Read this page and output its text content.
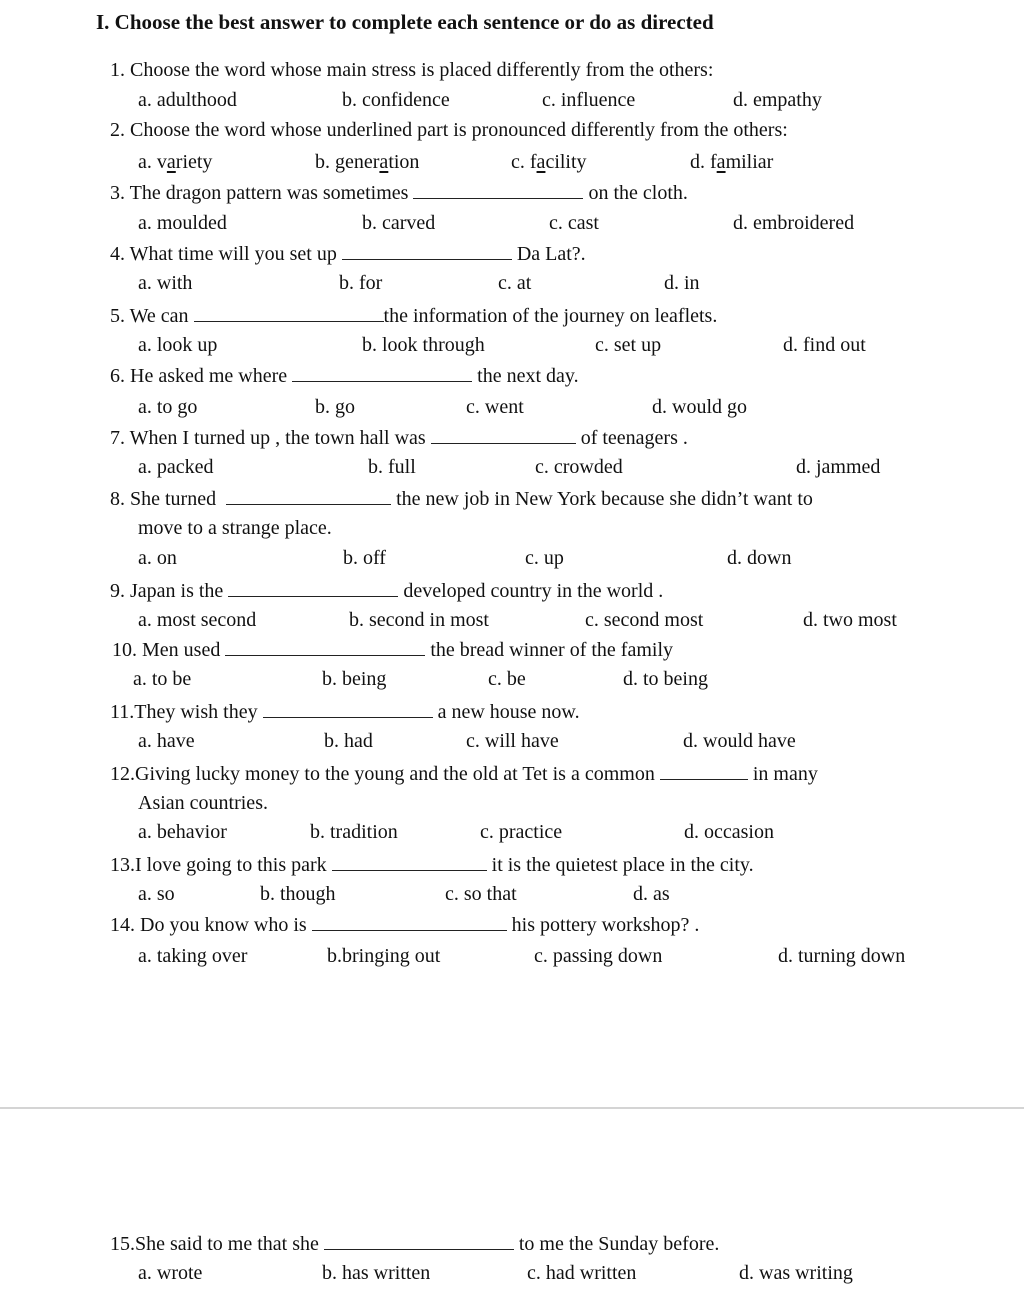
I. Choose the best answer to complete each sentence or do as directed
1. Choose the word whose main stress is placed differently from the others:
a. adulthood	b. confidence	c. influence	d. empathy
2. Choose the word whose underlined part is pronounced differently from the others:
a. variety	b. generation	c. facility	d. familiar
3. The dragon pattern was sometimes	on the cloth.
a. moulded	b. carved	c. cast	d. embroidered
4. What time will you set up	Da Lat?.
a. with	b. for	c. at	d. in
5. We can	the information of the journey on leaflets.
a. look up	b. look through	c. set up	d. find out
6. He asked me where	the next day.
a. to go	b. go	c. went	d. would go
7. When I turned up , the town hall was	of teenagers .
a. packed	b. full	c. crowded	d. jammed
8. She turned	the new job in New York because she didn’t want to
move to a strange place.
a. on	b. off	c. up	d. down
9. Japan is the	developed country in the world .
a. most second	b. second in most	c. second most	d. two most
10. Men used	the bread winner of the family
a. to be	b. being	c. be	d. to being
11.They wish they	a new house now.
a. have	b. had	c. will have	d. would have
12.Giving lucky money to the young and the old at Tet is a common	in many
Asian countries.
a. behavior	b. tradition	c. practice	d. occasion
13.I love going to this park	it is the quietest place in the city.
a. so	b. though	c. so that	d. as
14. Do you know who is	his pottery workshop? .
a. taking over	b.bringing out	c. passing down	d. turning down
15.She said to me that she	to me the Sunday before.
a. wrote	b. has written	c. had written	d. was writing
